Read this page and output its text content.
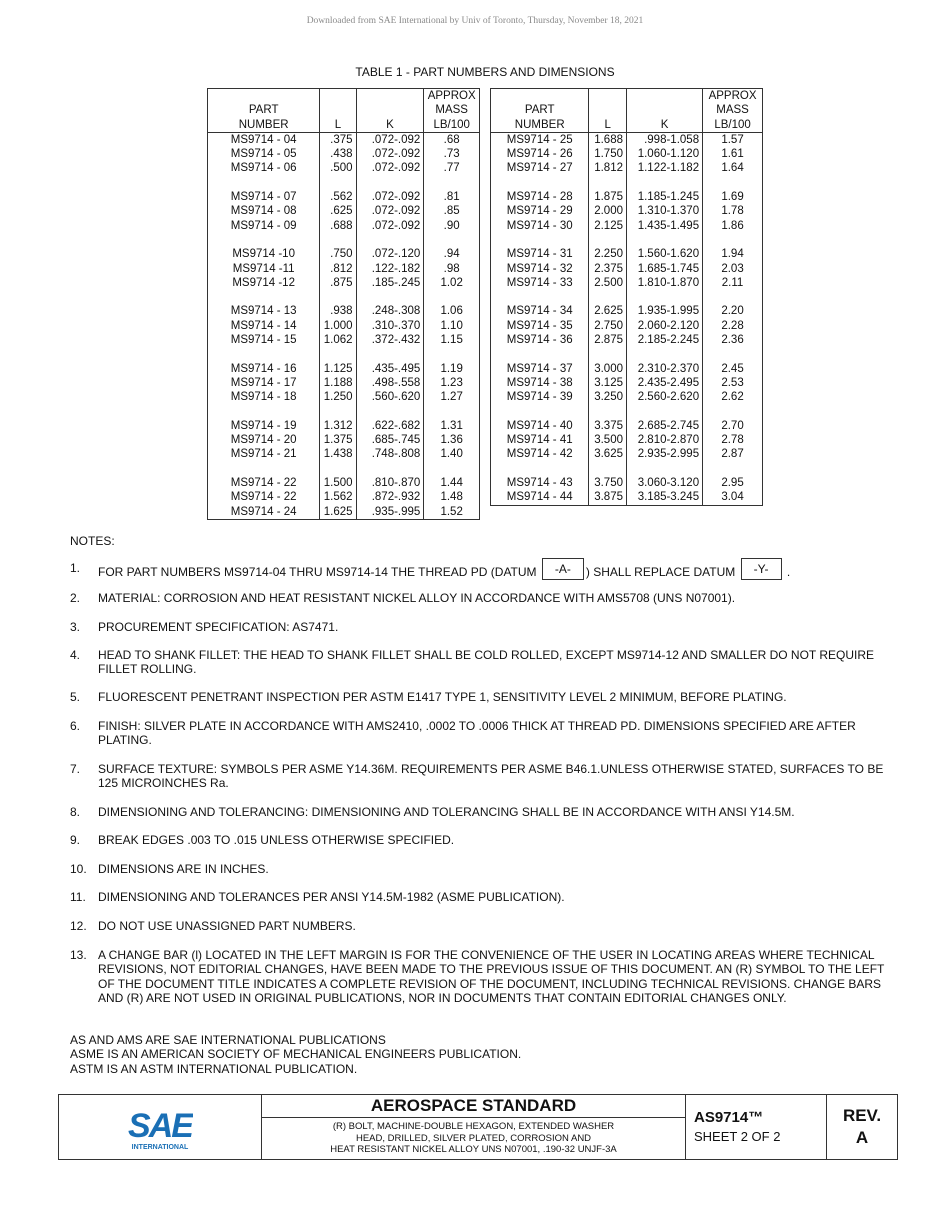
Downloaded from SAE International by Univ of Toronto, Thursday, November 18, 2021
TABLE 1 - PART NUMBERS AND DIMENSIONS
PART
NUMBER	L	K	APPROX
MASS
LB/100
MS9714 - 04	.375	.072-.092	.68
MS9714 - 05	.438	.072-.092	.73
MS9714 - 06	.500	.072-.092	.77

MS9714 - 07	.562	.072-.092	.81
MS9714 - 08	.625	.072-.092	.85
MS9714 - 09	.688	.072-.092	.90

MS9714 -10	.750	.072-.120	.94
MS9714 -11	.812	.122-.182	.98
MS9714 -12	.875	.185-.245	1.02

MS9714 - 13	.938	.248-.308	1.06
MS9714 - 14	1.000	.310-.370	1.10
MS9714 - 15	1.062	.372-.432	1.15

MS9714 - 16	1.125	.435-.495	1.19
MS9714 - 17	1.188	.498-.558	1.23
MS9714 - 18	1.250	.560-.620	1.27

MS9714 - 19	1.312	.622-.682	1.31
MS9714 - 20	1.375	.685-.745	1.36
MS9714 - 21	1.438	.748-.808	1.40

MS9714 - 22	1.500	.810-.870	1.44
MS9714 - 22	1.562	.872-.932	1.48
MS9714 - 24	1.625	.935-.995	1.52
PART
NUMBER	L	K	APPROX
MASS
LB/100
MS9714 - 25	1.688	.998-1.058	1.57
MS9714 - 26	1.750	1.060-1.120	1.61
MS9714 - 27	1.812	1.122-1.182	1.64

MS9714 - 28	1.875	1.185-1.245	1.69
MS9714 - 29	2.000	1.310-1.370	1.78
MS9714 - 30	2.125	1.435-1.495	1.86

MS9714 - 31	2.250	1.560-1.620	1.94
MS9714 - 32	2.375	1.685-1.745	2.03
MS9714 - 33	2.500	1.810-1.870	2.11

MS9714 - 34	2.625	1.935-1.995	2.20
MS9714 - 35	2.750	2.060-2.120	2.28
MS9714 - 36	2.875	2.185-2.245	2.36

MS9714 - 37	3.000	2.310-2.370	2.45
MS9714 - 38	3.125	2.435-2.495	2.53
MS9714 - 39	3.250	2.560-2.620	2.62

MS9714 - 40	3.375	2.685-2.745	2.70
MS9714 - 41	3.500	2.810-2.870	2.78
MS9714 - 42	3.625	2.935-2.995	2.87

MS9714 - 43	3.750	3.060-3.120	2.95
MS9714 - 44	3.875	3.185-3.245	3.04
NOTES:
1.	FOR PART NUMBERS MS9714-04 THRU MS9714-14 THE THREAD PD (DATUM -A- ) SHALL REPLACE DATUM -Y- .
2.	MATERIAL: CORROSION AND HEAT RESISTANT NICKEL ALLOY IN ACCORDANCE WITH AMS5708 (UNS N07001).
3.	PROCUREMENT SPECIFICATION: AS7471.
4.	HEAD TO SHANK FILLET: THE HEAD TO SHANK FILLET SHALL BE COLD ROLLED, EXCEPT MS9714-12 AND SMALLER DO NOT REQUIRE FILLET ROLLING.
5.	FLUORESCENT PENETRANT INSPECTION PER ASTM E1417 TYPE 1, SENSITIVITY LEVEL 2 MINIMUM, BEFORE PLATING.
6.	FINISH: SILVER PLATE IN ACCORDANCE WITH AMS2410, .0002 TO .0006 THICK AT THREAD PD. DIMENSIONS SPECIFIED ARE AFTER PLATING.
7.	SURFACE TEXTURE: SYMBOLS PER ASME Y14.36M. REQUIREMENTS PER ASME B46.1.UNLESS OTHERWISE STATED, SURFACES TO BE 125 MICROINCHES Ra.
8.	DIMENSIONING AND TOLERANCING: DIMENSIONING AND TOLERANCING SHALL BE IN ACCORDANCE WITH ANSI Y14.5M.
9.	BREAK EDGES .003 TO .015 UNLESS OTHERWISE SPECIFIED.
10. DIMENSIONS ARE IN INCHES.
11.	DIMENSIONING AND TOLERANCES PER ANSI Y14.5M-1982 (ASME PUBLICATION).
12. DO NOT USE UNASSIGNED PART NUMBERS.
13. A CHANGE BAR (l) LOCATED IN THE LEFT MARGIN IS FOR THE CONVENIENCE OF THE USER IN LOCATING AREAS WHERE TECHNICAL REVISIONS, NOT EDITORIAL CHANGES, HAVE BEEN MADE TO THE PREVIOUS ISSUE OF THIS DOCUMENT. AN (R) SYMBOL TO THE LEFT OF THE DOCUMENT TITLE INDICATES A COMPLETE REVISION OF THE DOCUMENT, INCLUDING TECHNICAL REVISIONS. CHANGE BARS AND (R) ARE NOT USED IN ORIGINAL PUBLICATIONS, NOR IN DOCUMENTS THAT CONTAIN EDITORIAL CHANGES ONLY.
AS AND AMS ARE SAE INTERNATIONAL PUBLICATIONS
ASME IS AN AMERICAN SOCIETY OF MECHANICAL ENGINEERS PUBLICATION.
ASTM IS AN ASTM INTERNATIONAL PUBLICATION.
SAE
INTERNATIONAL
AEROSPACE STANDARD
(R) BOLT, MACHINE-DOUBLE HEXAGON, EXTENDED WASHER
HEAD, DRILLED, SILVER PLATED, CORROSION AND
HEAT RESISTANT NICKEL ALLOY UNS N07001, .190-32 UNJF-3A
AS9714™
SHEET 2 OF 2
REV.
A
